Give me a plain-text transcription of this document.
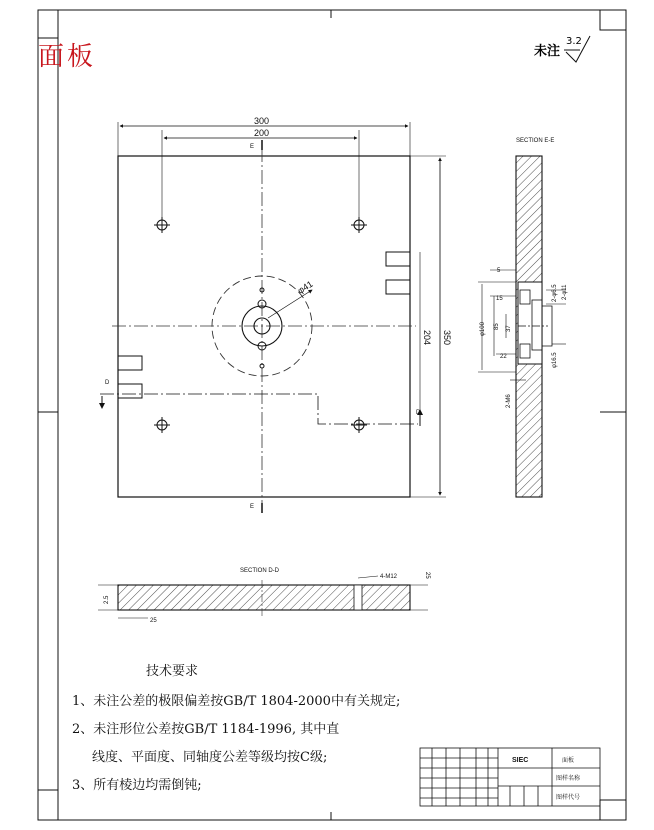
φ41
D
D
E
E
300
200
350
204
SECTION E-E
5
15
85 37
22
φ100
2-M6
2-φ6.5 2-φ11
φ16.5
SECTION D-D
4-M12	25
2.5
25
SIEC	面板
图样名称
图样代号
面板	未注
3.2
技术要求
1、未注公差的极限偏差按GB/T 1804-2000中有关规定;
2、未注形位公差按GB/T 1184-1996, 其中直
线度、平面度、同轴度公差等级均按C级;
3、所有棱边均需倒钝;
